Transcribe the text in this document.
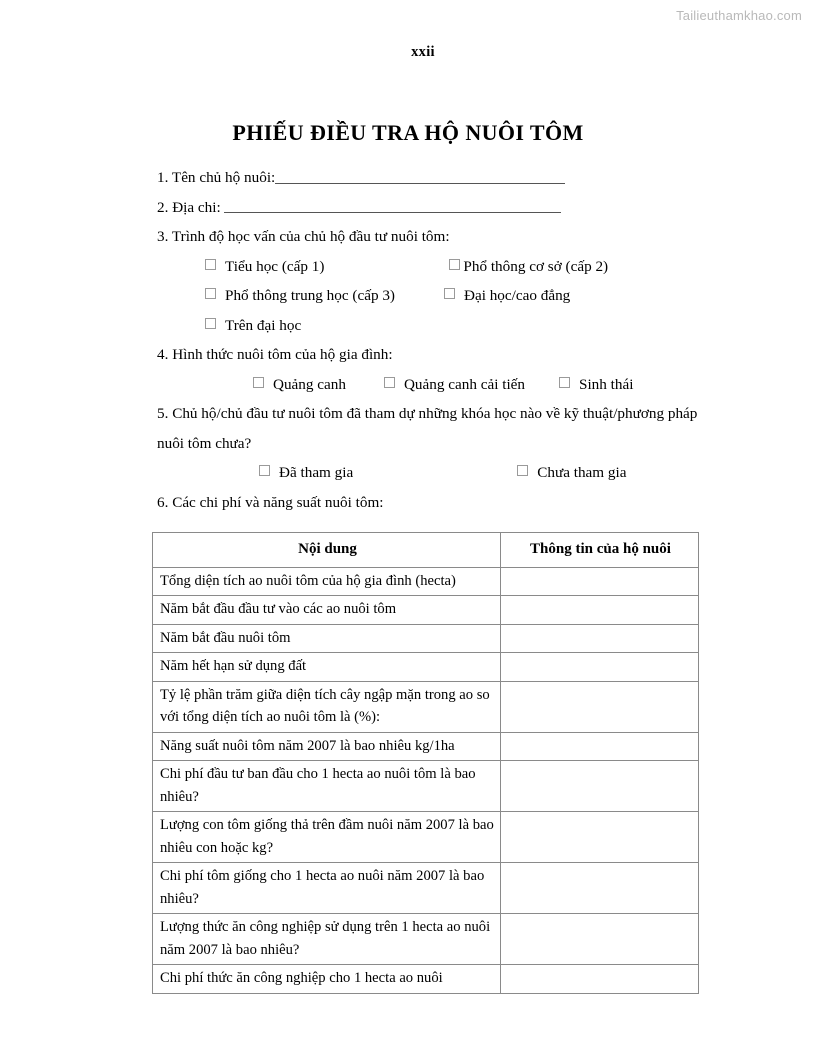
Tailieuthamkhao.com
xxii
PHIẾU ĐIỀU TRA HỘ NUÔI TÔM
1. Tên chủ hộ nuôi:
2. Địa chi:
3. Trình độ học vấn của chủ hộ đầu tư nuôi tôm:
Tiểu học (cấp 1)	Phổ thông cơ sở (cấp 2)
Phổ thông trung học (cấp 3)	Đại học/cao đẳng
Trên đại học
4. Hình thức nuôi tôm của hộ gia đình:
Quảng canh	Quảng canh cải tiến	Sinh thái
5. Chủ hộ/chủ đầu tư nuôi tôm đã tham dự những khóa học nào về kỹ thuật/phương pháp nuôi tôm chưa?
Đã tham gia	Chưa tham gia
6. Các chi phí và năng suất nuôi tôm:
Nội dung	Thông tin của hộ nuôi
Tổng diện tích ao nuôi tôm của hộ gia đình (hecta)	
Năm bắt đầu đầu tư vào các ao nuôi tôm	
Năm bắt đầu nuôi tôm	
Năm hết hạn sử dụng đất	
Tỷ lệ phần trăm giữa diện tích cây ngập mặn trong ao so với tổng diện tích ao nuôi tôm là (%):	
Năng suất nuôi tôm năm 2007 là bao nhiêu kg/1ha	
Chi phí đầu tư ban đầu cho 1 hecta ao nuôi tôm là bao nhiêu?	
Lượng con tôm giống thả trên đầm nuôi năm 2007 là bao nhiêu con hoặc kg?	
Chi phí tôm giống cho 1 hecta ao nuôi năm 2007 là bao nhiêu?	
Lượng thức ăn công nghiệp sử dụng trên 1 hecta ao nuôi năm 2007 là bao nhiêu?	
Chi phí thức ăn công nghiệp cho 1 hecta ao nuôi	
